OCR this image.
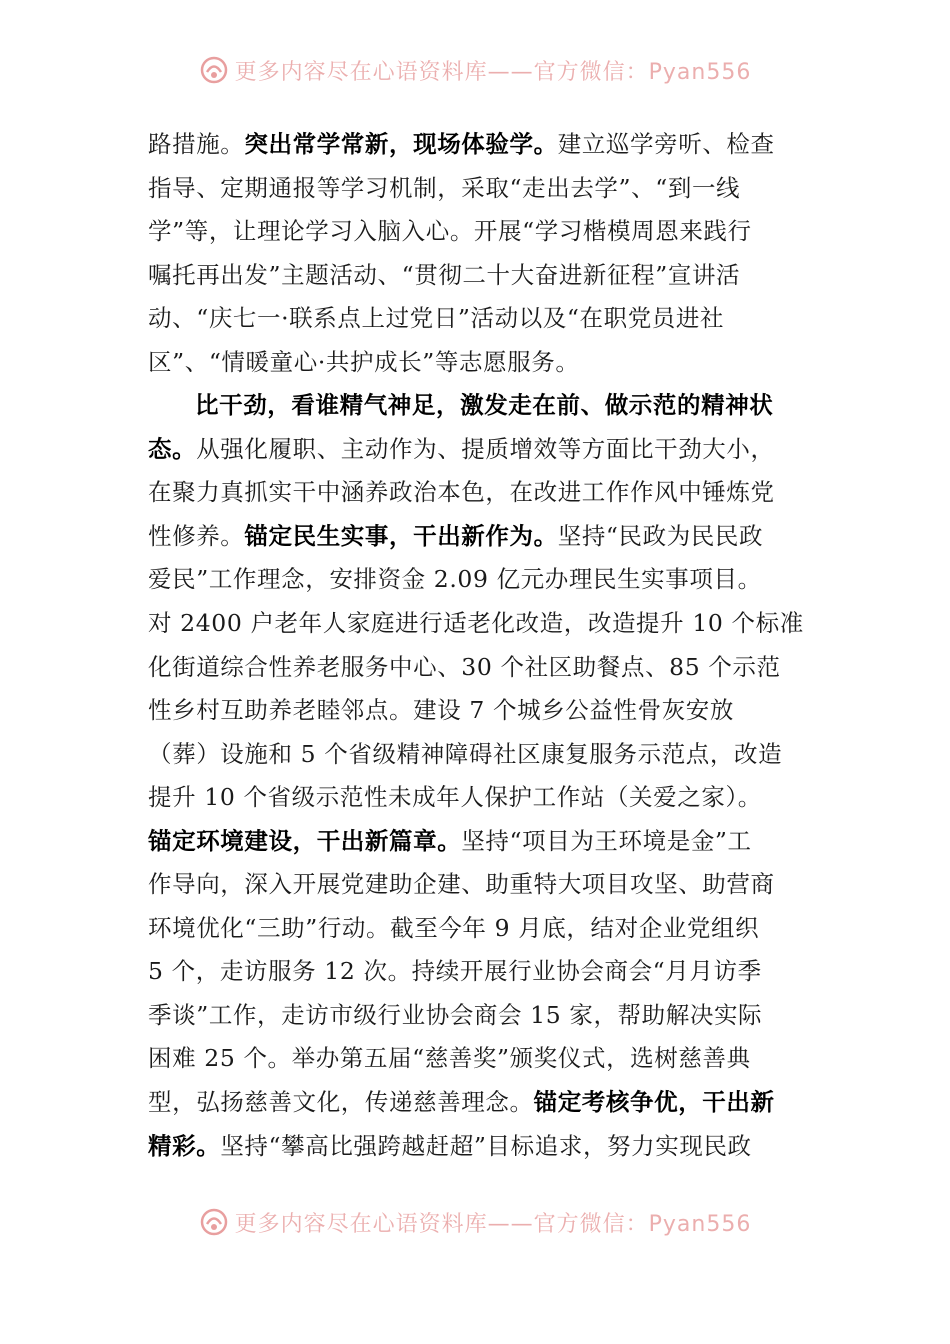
更多内容尽在心语资料库——官方微信：Pyan556
路措施。突出常学常新，现场体验学。建立巡学旁听、检查
指导、定期通报等学习机制，采取“走出去学”、“到一线
学”等，让理论学习入脑入心。开展“学习楷模周恩来践行
嘱托再出发”主题活动、“贯彻二十大奋进新征程”宣讲活
动、“庆七一·联系点上过党日”活动以及“在职党员进社
区”、“情暖童心·共护成长”等志愿服务。
比干劲，看谁精气神足，激发走在前、做示范的精神状
态。从强化履职、主动作为、提质增效等方面比干劲大小，
在聚力真抓实干中涵养政治本色，在改进工作作风中锤炼党
性修养。锚定民生实事，干出新作为。坚持“民政为民民政
爱民”工作理念，安排资金 2.09 亿元办理民生实事项目。
对 2400 户老年人家庭进行适老化改造，改造提升 10 个标准
化街道综合性养老服务中心、30 个社区助餐点、85 个示范
性乡村互助养老睦邻点。建设 7 个城乡公益性骨灰安放
（葬）设施和 5 个省级精神障碍社区康复服务示范点，改造
提升 10 个省级示范性未成年人保护工作站（关爱之家）。
锚定环境建设，干出新篇章。坚持“项目为王环境是金”工
作导向，深入开展党建助企建、助重特大项目攻坚、助营商
环境优化“三助”行动。截至今年 9 月底，结对企业党组织
5 个，走访服务 12 次。持续开展行业协会商会“月月访季
季谈”工作，走访市级行业协会商会 15 家，帮助解决实际
困难 25 个。举办第五届“慈善奖”颁奖仪式，选树慈善典
型，弘扬慈善文化，传递慈善理念。锚定考核争优，干出新
精彩。坚持“攀高比强跨越赶超”目标追求，努力实现民政
更多内容尽在心语资料库——官方微信：Pyan556
